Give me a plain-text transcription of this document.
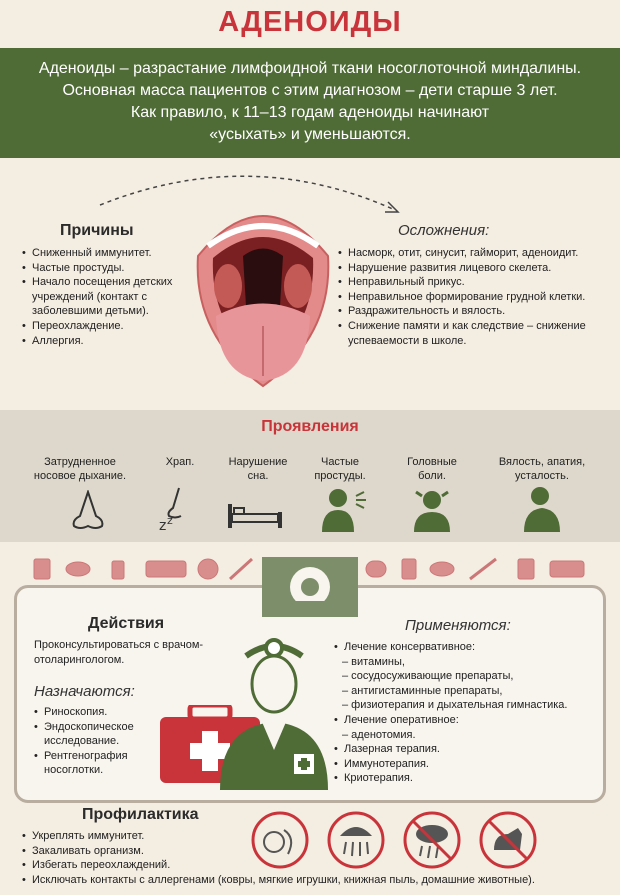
АДЕНОИДЫ
Аденоиды – разрастание лимфоидной ткани носоглоточной миндалины.
Основная масса пациентов с этим диагнозом – дети старше 3 лет.
Как правило, к 11–13 годам аденоиды начинают
«усыхать» и уменьшаются.
Причины
• Сниженный иммунитет.
• Частые простуды.
• Начало посещения детских учреждений (контакт с заболевшими детьми).
• Переохлаждение.
• Аллергия.
Осложнения:
• Насморк, отит, синусит, гайморит, аденоидит.
• Нарушение развития лицевого скелета.
• Неправильный прикус.
• Неправильное формирование грудной клетки.
• Раздражительность и вялость.
• Снижение памяти и как следствие – снижение успеваемости в школе.
Проявления
Затрудненное носовое дыхание.
Храп.	Нарушение сна.
Частые простуды.
Головные боли.
Вялость, апатия, усталость.
z z
Действия
Проконсультироваться с врачом-отоларингологом.
Назначаются:
• Риноскопия.
• Эндоскопическое исследование.
• Рентгенография носоглотки.
Применяются:
• Лечение консервативное:
– витамины,
– сосудосуживающие препараты,
– антигистаминные препараты,
– физиотерапия и дыхательная гимнастика.
• Лечение оперативное:
– аденотомия.
• Лазерная терапия.
• Иммунотерапия.
• Криотерапия.
Профилактика
• Укреплять иммунитет.
• Закаливать организм.
• Избегать переохлаждений.
• Исключать контакты с аллергенами (ковры, мягкие игрушки, книжная пыль, домашние животные).
